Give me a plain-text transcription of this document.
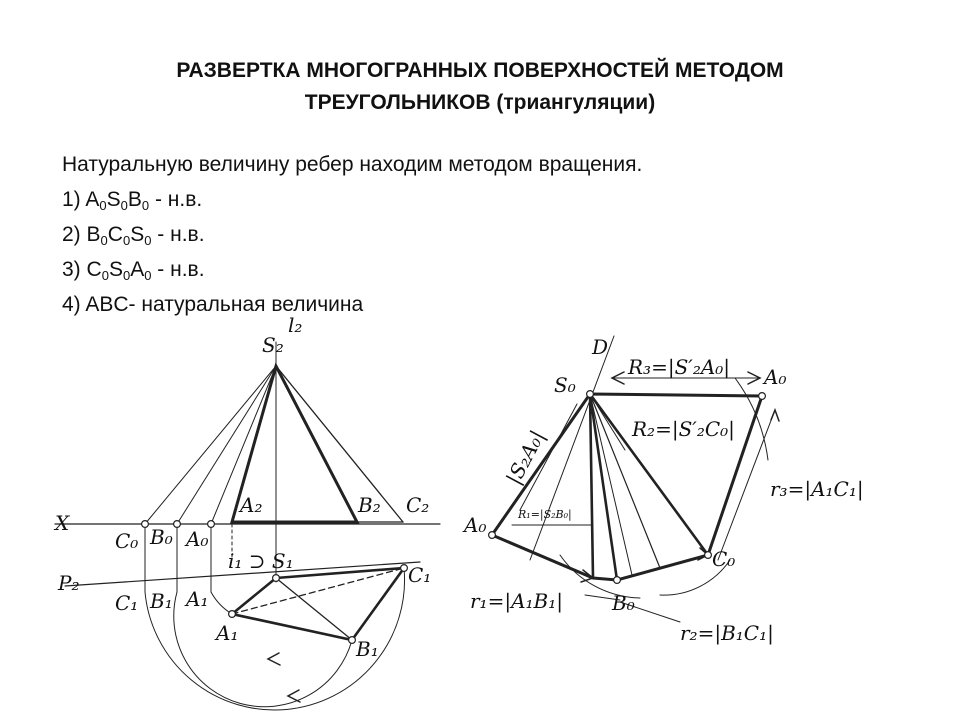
РАЗВЕРТКА МНОГОГРАННЫХ ПОВЕРХНОСТЕЙ МЕТОДОМ
ТРЕУГОЛЬНИКОВ (триангуляции)
Натуральную величину ребер находим методом вращения.
1) $A_0S_0B_0 - н.в$.
2) $B_0C_0S_0 - н.в$.
3) $C_0S_0A_0 - н.в$.
4) ABC- натуральная величина
S₂
l₂
A₂	B₂ C₂
X
P₂
C₀ B₀ A₀
C₁ B₁ A₁
i₁ ⊃ S₁
C₁
A₁
B₁
D
S₀	A₀
A₀
B₀
C₀
R₃=|S′₂A₀|
R₂=|S′₂C₀|
R₁=|S₂B₀|
|S₂A₀|
r₃=|A₁C₁|
r₁=|A₁B₁|
r₂=|B₁C₁|
